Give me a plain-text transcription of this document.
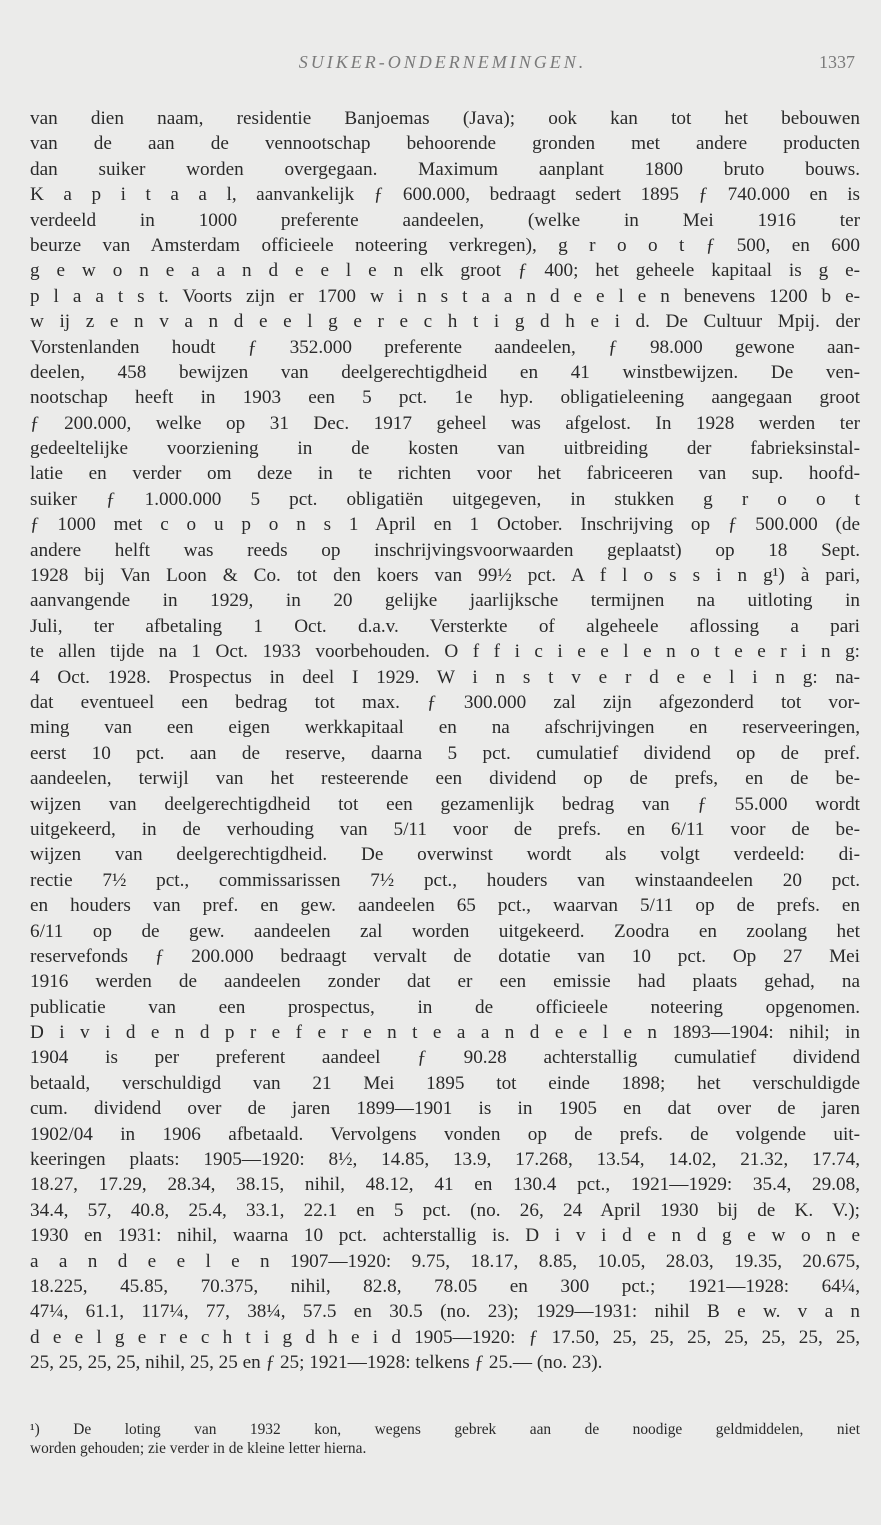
SUIKER-ONDERNEMINGEN.	1337
van dien naam, residentie Banjoemas (Java); ook kan tot het bebouwen
van de aan de vennootschap behoorende gronden met andere producten
dan suiker worden overgegaan. Maximum aanplant 1800 bruto bouws.
K a p i t a a l, aanvankelijk ƒ 600.000, bedraagt sedert 1895 ƒ 740.000 en is
verdeeld in 1000 preferente aandeelen, (welke in Mei 1916 ter
beurze van Amsterdam officieele noteering verkregen), g r o o t ƒ 500, en 600
g e w o n e a a n d e e l e n elk groot ƒ 400; het geheele kapitaal is g e-
p l a a t s t. Voorts zijn er 1700 w i n s t a a n d e e l e n benevens 1200 b e-
w ij z e n v a n d e e l g e r e c h t i g d h e i d. De Cultuur Mpij. der
Vorstenlanden houdt ƒ 352.000 preferente aandeelen, ƒ 98.000 gewone aan-
deelen, 458 bewijzen van deelgerechtigdheid en 41 winstbewijzen. De ven-
nootschap heeft in 1903 een 5 pct. 1e hyp. obligatieleening aangegaan groot
ƒ 200.000, welke op 31 Dec. 1917 geheel was afgelost. In 1928 werden ter
gedeeltelijke voorziening in de kosten van uitbreiding der fabrieksinstal-
latie en verder om deze in te richten voor het fabriceeren van sup. hoofd-
suiker ƒ 1.000.000 5 pct. obligatiën uitgegeven, in stukken g r o o t
ƒ 1000 met c o u p o n s 1 April en 1 October. Inschrijving op ƒ 500.000 (de
andere helft was reeds op inschrijvingsvoorwaarden geplaatst) op 18 Sept.
1928 bij Van Loon & Co. tot den koers van 99½ pct. A f l o s s i n g¹) à pari,
aanvangende in 1929, in 20 gelijke jaarlijksche termijnen na uitloting in
Juli, ter afbetaling 1 Oct. d.a.v. Versterkte of algeheele aflossing a pari
te allen tijde na 1 Oct. 1933 voorbehouden. O f f i c i e e l e n o t e e r i n g:
4 Oct. 1928. Prospectus in deel I 1929. W i n s t v e r d e e l i n g: na-
dat eventueel een bedrag tot max. ƒ 300.000 zal zijn afgezonderd tot vor-
ming van een eigen werkkapitaal en na afschrijvingen en reserveeringen,
eerst 10 pct. aan de reserve, daarna 5 pct. cumulatief dividend op de pref.
aandeelen, terwijl van het resteerende een dividend op de prefs, en de be-
wijzen van deelgerechtigdheid tot een gezamenlijk bedrag van ƒ 55.000 wordt
uitgekeerd, in de verhouding van 5/11 voor de prefs. en 6/11 voor de be-
wijzen van deelgerechtigdheid. De overwinst wordt als volgt verdeeld: di-
rectie 7½ pct., commissarissen 7½ pct., houders van winstaandeelen 20 pct.
en houders van pref. en gew. aandeelen 65 pct., waarvan 5/11 op de prefs. en
6/11 op de gew. aandeelen zal worden uitgekeerd. Zoodra en zoolang het
reservefonds ƒ 200.000 bedraagt vervalt de dotatie van 10 pct. Op 27 Mei
1916 werden de aandeelen zonder dat er een emissie had plaats gehad, na
publicatie van een prospectus, in de officieele noteering opgenomen.
D i v i d e n d p r e f e r e n t e a a n d e e l e n 1893—1904: nihil; in
1904 is per preferent aandeel ƒ 90.28 achterstallig cumulatief dividend
betaald, verschuldigd van 21 Mei 1895 tot einde 1898; het verschuldigde
cum. dividend over de jaren 1899—1901 is in 1905 en dat over de jaren
1902/04 in 1906 afbetaald. Vervolgens vonden op de prefs. de volgende uit-
keeringen plaats: 1905—1920: 8½, 14.85, 13.9, 17.268, 13.54, 14.02, 21.32, 17.74,
18.27, 17.29, 28.34, 38.15, nihil, 48.12, 41 en 130.4 pct., 1921—1929: 35.4, 29.08,
34.4, 57, 40.8, 25.4, 33.1, 22.1 en 5 pct. (no. 26, 24 April 1930 bij de K. V.);
1930 en 1931: nihil, waarna 10 pct. achterstallig is. D i v i d e n d g e w o n e
a a n d e e l e n 1907—1920: 9.75, 18.17, 8.85, 10.05, 28.03, 19.35, 20.675,
18.225, 45.85, 70.375, nihil, 82.8, 78.05 en 300 pct.; 1921—1928: 64¼,
47¼, 61.1, 117¼, 77, 38¼, 57.5 en 30.5 (no. 23); 1929—1931: nihil B e w. v a n
d e e l g e r e c h t i g d h e i d 1905—1920: ƒ 17.50, 25, 25, 25, 25, 25, 25, 25,
25, 25, 25, 25, nihil, 25, 25 en ƒ 25; 1921—1928: telkens ƒ 25.— (no. 23).
¹) De loting van 1932 kon, wegens gebrek aan de noodige geldmiddelen, niet
worden gehouden; zie verder in de kleine letter hierna.
